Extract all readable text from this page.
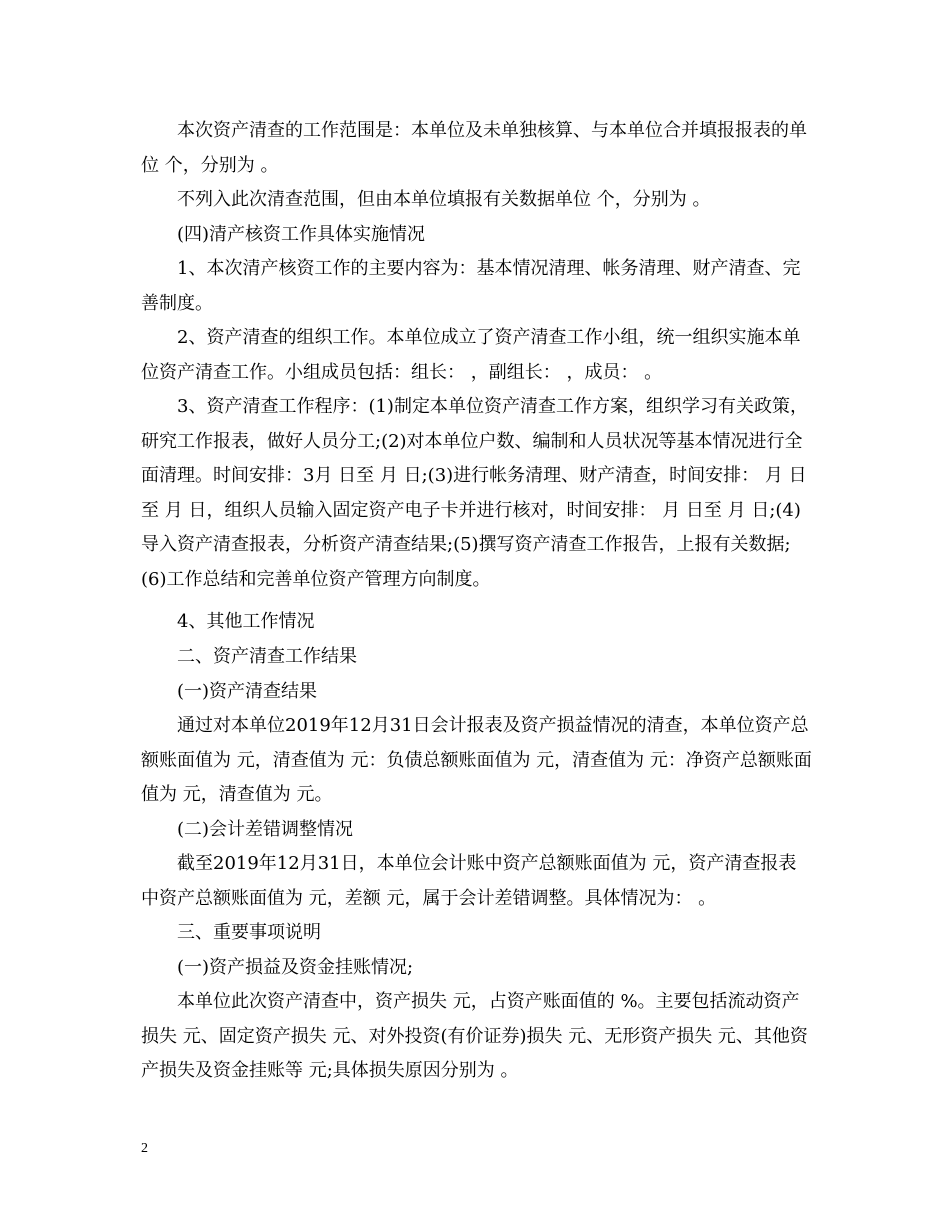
本次资产清查的工作范围是：本单位及未单独核算、与本单位合并填报报表的单位 个，分别为 。

不列入此次清查范围，但由本单位填报有关数据单位 个，分别为 。

(四)清产核资工作具体实施情况

1、本次清产核资工作的主要内容为：基本情况清理、帐务清理、财产清查、完善制度。

2、资产清查的组织工作。本单位成立了资产清查工作小组，统一组织实施本单位资产清查工作。小组成员包括：组长： ，副组长： ，成员： 。

3、资产清查工作程序：(1)制定本单位资产清查工作方案，组织学习有关政策，研究工作报表，做好人员分工;(2)对本单位户数、编制和人员状况等基本情况进行全面清理。时间安排：3月 日至 月 日;(3)进行帐务清理、财产清查，时间安排： 月 日至 月 日，组织人员输入固定资产电子卡并进行核对，时间安排： 月 日至 月 日;(4)导入资产清查报表，分析资产清查结果;(5)撰写资产清查工作报告，上报有关数据;(6)工作总结和完善单位资产管理方向制度。

4、其他工作情况

二、资产清查工作结果

(一)资产清查结果

通过对本单位2019年12月31日会计报表及资产损益情况的清查，本单位资产总额账面值为 元，清查值为 元：负债总额账面值为 元，清查值为 元：净资产总额账面值为 元，清查值为 元。

(二)会计差错调整情况

截至2019年12月31日，本单位会计账中资产总额账面值为 元，资产清查报表中资产总额账面值为 元，差额 元，属于会计差错调整。具体情况为： 。

三、重要事项说明

(一)资产损益及资金挂账情况;

本单位此次资产清查中，资产损失 元，占资产账面值的 %。主要包括流动资产损失 元、固定资产损失 元、对外投资(有价证券)损失 元、无形资产损失 元、其他资产损失及资金挂账等 元;具体损失原因分别为 。

2
